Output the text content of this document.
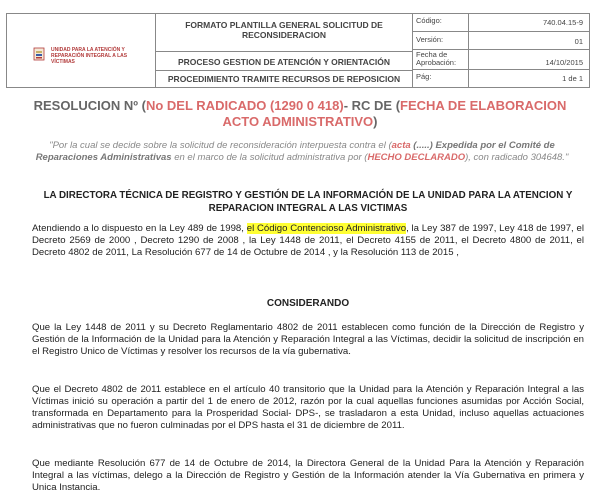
UNIDAD PARA LA ATENCIÓN Y REPARACIÓN INTEGRAL A LAS VÍCTIMAS
FORMATO PLANTILLA GENERAL SOLICITUD DE RECONSIDERACION
PROCESO GESTION DE ATENCIÓN Y ORIENTACIÓN
PROCEDIMIENTO TRAMITE RECURSOS DE REPOSICION
Código:	740.04.15-9
Versión:	01
Fecha de Aprobación:	14/10/2015
Pág:	1 de 1
RESOLUCION Nº (No DEL RADICADO (1290 0 418)- RC DE (FECHA DE ELABORACION ACTO ADMINISTRATIVO)
"Por la cual se decide sobre la solicitud de reconsideración interpuesta contra el (acta (.....) Expedida por el Comité de Reparaciones Administrativas en el marco de la solicitud administrativa por (HECHO DECLARADO), con radicado 304648."
LA DIRECTORA TÉCNICA DE REGISTRO Y GESTIÓN DE LA INFORMACIÓN DE LA UNIDAD PARA LA ATENCION Y REPARACION INTEGRAL A LAS VICTIMAS
Atendiendo a lo dispuesto en la Ley 489 de 1998, el Código Contencioso Administrativo, la Ley 387 de 1997, Ley 418 de 1997, el Decreto 2569 de 2000 , Decreto 1290 de 2008 , la Ley 1448 de 2011, el Decreto 4155 de 2011, el Decreto 4800 de 2011, el Decreto 4802 de 2011, La Resolución 677 de 14 de Octubre de 2014 , y la Resolución 113 de 2015 ,
CONSIDERANDO
Que la Ley 1448 de 2011 y su Decreto Reglamentario 4802 de 2011 establecen como función de la Dirección de Registro y Gestión de la Información de la Unidad para la Atención y Reparación Integral a las Víctimas, decidir la solicitud de inscripción en el Registro Unico de Víctimas y resolver los recursos de la vía gubernativa.
Que el Decreto 4802 de 2011 establece en el artículo 40 transitorio que la Unidad para la Atención y Reparación Integral a las Víctimas inició su operación a partir del 1 de enero de 2012, razón por la cual aquellas funciones asumidas por Acción Social, transformada en Departamento para la Prosperidad Social- DPS-, se trasladaron a esta Unidad, incluso aquellas actuaciones administrativas que no fueron culminadas por el DPS hasta el 31 de diciembre de 2011.
Que mediante Resolución 677 de 14 de Octubre de 2014, la Directora General de la Unidad Para la Atención y Reparación Integral a las víctimas, delego a la Dirección de Registro y Gestión de la Información atender la Vía Gubernativa en primera y Unica Instancia.
